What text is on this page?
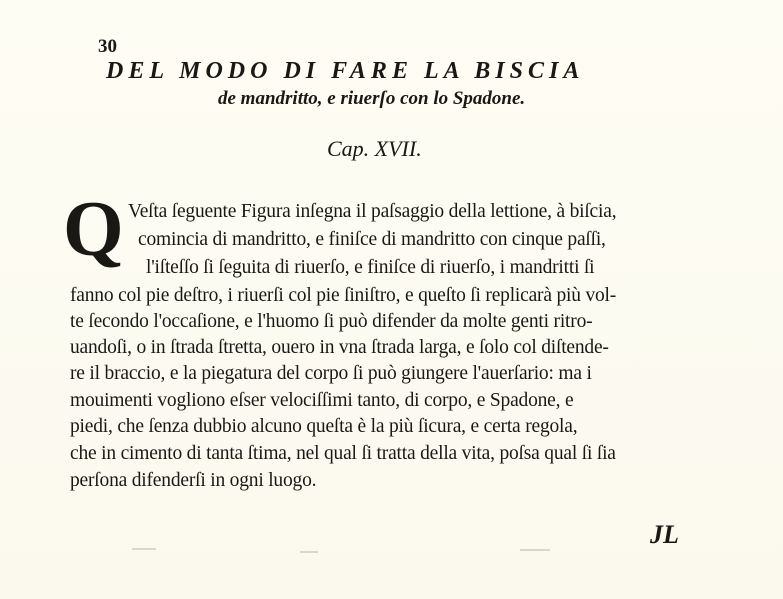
30
DEL MODO DI FARE LA BISCIA
de mandritto, e riuerſo con lo Spadone.
Cap. XVII.
Q Veſta ſeguente Figura inſegna il paſsaggio della lettione, à biſcia,
comincia di mandritto, e finiſce di mandritto con cinque paſſi,
l'iſteſſo ſi ſeguita di riuerſo, e finiſce di riuerſo, i mandritti ſi
fanno col pie deſtro, i riuerſi col pie ſiniſtro, e queſto ſi replicarà più vol-
te ſecondo l'occaſione, e l'huomo ſi può difender da molte genti ritro-
uandoſi, o in ſtrada ſtretta, ouero in vna ſtrada larga, e ſolo col diſtende-
re il braccio, e la piegatura del corpo ſi può giungere l'auerſario: ma i
mouimenti vogliono eſser velociſſimi tanto, di corpo, e Spadone, e
piedi, che ſenza dubbio alcuno queſta è la più ſicura, e certa regola,
che in cimento di tanta ſtima, nel qual ſi tratta della vita, poſsa qual ſi ſia
perſona difenderſi in ogni luogo.
JL
